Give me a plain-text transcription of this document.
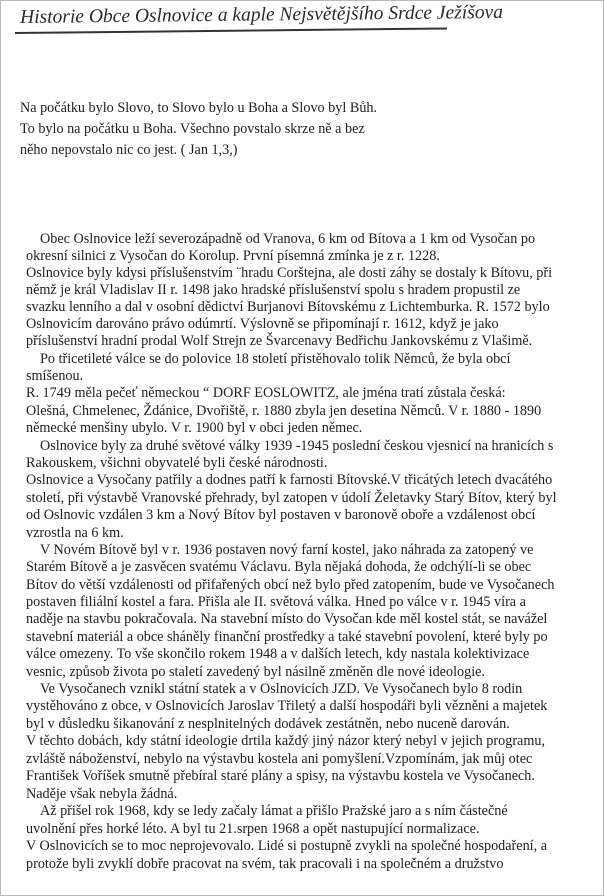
Historie Obce Oslnovice a kaple Nejsvětějšího Srdce Ježíšova
Na počátku bylo Slovo, to Slovo bylo u Boha a Slovo byl Bůh.
To bylo na počátku u Boha. Všechno povstalo skrze ně a bez
něho nepovstalo nic co jest. ( Jan 1,3,)
Obec Oslnovice leží severozápadně od Vranova, 6 km od Bítova a 1 km od Vysočan po
okresní silnici z Vysočan do Korolup. První písemná zmínka je z r. 1228.
Oslnovice byly kdysi příslušenstvím ¨hradu Corštejna, ale dosti záhy se dostaly k Bítovu, při
němž je král Vladislav II r. 1498 jako hradské příslušenství spolu s hradem propustil ze
svazku lenního a dal v osobní dědictví Burjanovi Bítovskému z Lichtemburka. R. 1572 bylo
Oslnovicím darováno právo odúmrtí. Výslovně se připomínají r. 1612, když je jako
příslušenství hradní prodal Wolf Strejn ze Švarcenavy Bedřichu Jankovskému z Vlašimě.
Po třicetileté válce se do polovice 18 století přistěhovalo tolik Němců, že byla obcí
smíšenou.
R. 1749 měla pečeť německou “ DORF EOSLOWITZ, ale jména tratí zůstala česká:
Olešná, Chmelenec, Ždánice, Dvořiště, r. 1880 zbyla jen desetina Němců. V r. 1880 - 1890
německé menšiny ubylo. V r. 1900 byl v obci jeden němec.
Oslnovice byly za druhé světové války 1939 -1945 poslední českou vjesnicí na hranicích s
Rakouskem, všichni obyvatelé byli české národnosti.
Oslnovice a Vysočany patřily a dodnes patří k farnosti Bítovské.V třicátých letech dvacátého
století, při výstavbě Vranovské přehrady, byl zatopen v údolí Želetavky Starý Bítov, který byl
od Oslnovic vzdálen 3 km a Nový Bítov byl postaven v baronově oboře a vzdálenost obcí
vzrostla na 6 km.
V Novém Bítově byl v r. 1936 postaven nový farní kostel, jako náhrada za zatopený ve
Starém Bítově a je zasvěcen svatému Václavu. Byla nějaká dohoda, že odchýlí-li se obec
Bítov do větší vzdálenosti od přifařených obcí než bylo před zatopením, bude ve Vysočanech
postaven filiální kostel a fara. Přišla ale II. světová válka. Hned po válce v r. 1945 víra a
naděje na stavbu pokračovala. Na stavební místo do Vysočan kde měl kostel stát, se navážel
stavební materiál a obce sháněly finanční prostředky a také stavební povolení, které byly po
válce omezeny. To vše skončilo rokem 1948 a v dalších letech, kdy nastala kolektivizace
vesnic, způsob života po staletí zavedený byl násilně změněn dle nové ideologie.
Ve Vysočanech vznikl státní statek a v Oslnovicích JZD. Ve Vysočanech bylo 8 rodin
vystěhováno z obce, v Oslnovicích Jaroslav Třiletý a další hospodáři byli vězněni a majetek
byl v důsledku šikanování z nesplnitelných dodávek zestátněn, nebo nuceně darován.
V těchto dobách, kdy státní ideologie drtila každý jiný názor který nebyl v jejich programu,
zvláště náboženství, nebylo na výstavbu kostela ani pomyšlení.Vzpomínám, jak můj otec
František Voříšek smutně přebíral staré plány a spisy, na výstavbu kostela ve Vysočanech.
Naděje však nebyla žádná.
Až přišel rok 1968, kdy se ledy začaly lámat a přišlo Pražské jaro a s ním částečné
uvolnění přes horké léto. A byl tu 21.srpen 1968 a opět nastupující normalizace.
V Oslnovicích se to moc neprojevovalo. Lidé si postupně zvykli na společné hospodaření, a
protože byli zvyklí dobře pracovat na svém, tak pracovali i na společném a družstvo
